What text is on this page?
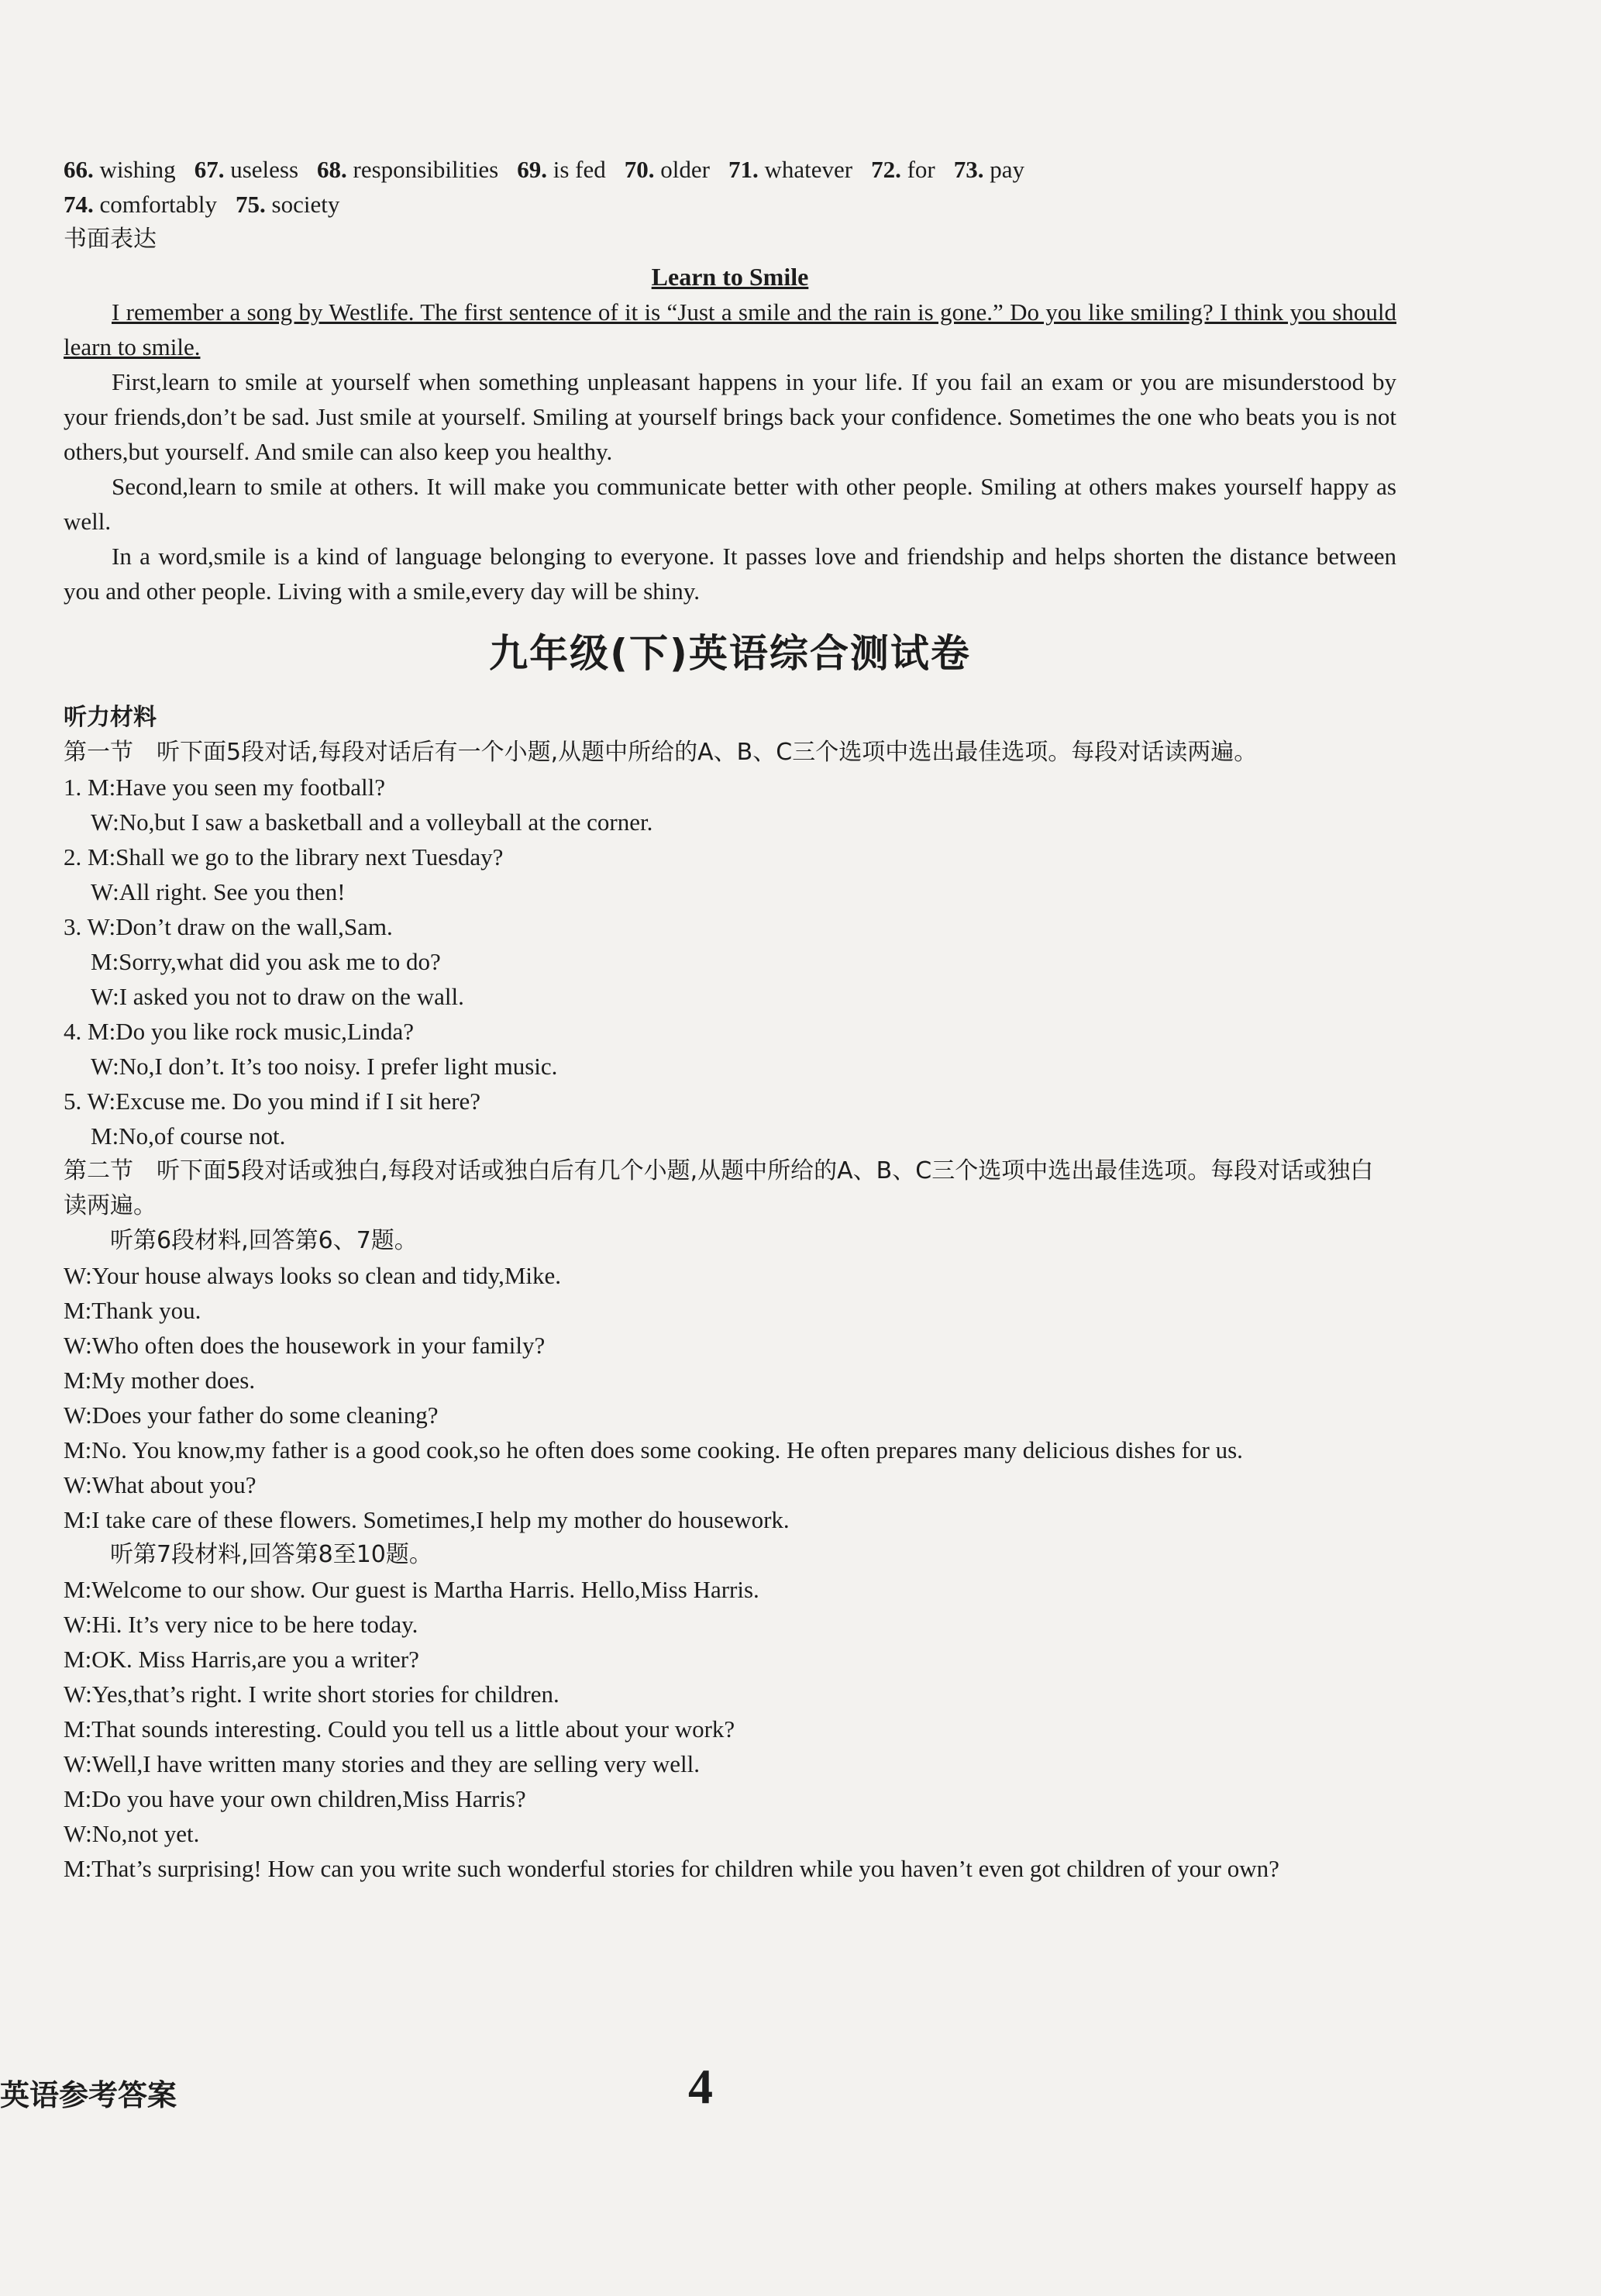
66. wishing 67. useless 68. responsibilities 69. is fed 70. older 71. whatever 72. for 73. pay
74. comfortably 75. society
书面表达
Learn to Smile

I remember a song by Westlife. The first sentence of it is “Just a smile and the rain is gone.” Do you like smiling? I think you should learn to smile.

First,learn to smile at yourself when something unpleasant happens in your life. If you fail an exam or you are misunderstood by your friends,don’t be sad. Just smile at yourself. Smiling at yourself brings back your confidence. Sometimes the one who beats you is not others,but yourself. And smile can also keep you healthy.

Second,learn to smile at others. It will make you communicate better with other people. Smiling at others makes yourself happy as well.

In a word,smile is a kind of language belonging to everyone. It passes love and friendship and helps shorten the distance between you and other people. Living with a smile,every day will be shiny.

九年级(下)英语综合测试卷
听力材料
第一节　听下面5段对话,每段对话后有一个小题,从题中所给的A、B、C三个选项中选出最佳选项。每段对话读两遍。
1. M:Have you seen my football?
W:No,but I saw a basketball and a volleyball at the corner.
2. M:Shall we go to the library next Tuesday?
W:All right. See you then!
3. W:Don’t draw on the wall,Sam.
M:Sorry,what did you ask me to do?
W:I asked you not to draw on the wall.
4. M:Do you like rock music,Linda?
W:No,I don’t. It’s too noisy. I prefer light music.
5. W:Excuse me. Do you mind if I sit here?
M:No,of course not.
第二节　听下面5段对话或独白,每段对话或独白后有几个小题,从题中所给的A、B、C三个选项中选出最佳选项。每段对话或独白读两遍。
听第6段材料,回答第6、7题。
W:Your house always looks so clean and tidy,Mike.
M:Thank you.
W:Who often does the housework in your family?
M:My mother does.
W:Does your father do some cleaning?
M:No. You know,my father is a good cook,so he often does some cooking. He often prepares many delicious dishes for us.
W:What about you?
M:I take care of these flowers. Sometimes,I help my mother do housework.
听第7段材料,回答第8至10题。
M:Welcome to our show. Our guest is Martha Harris. Hello,Miss Harris.
W:Hi. It’s very nice to be here today.
M:OK. Miss Harris,are you a writer?
W:Yes,that’s right. I write short stories for children.
M:That sounds interesting. Could you tell us a little about your work?
W:Well,I have written many stories and they are selling very well.
M:Do you have your own children,Miss Harris?
W:No,not yet.
M:That’s surprising! How can you write such wonderful stories for children while you haven’t even got children of your own?
英语参考答案	4
